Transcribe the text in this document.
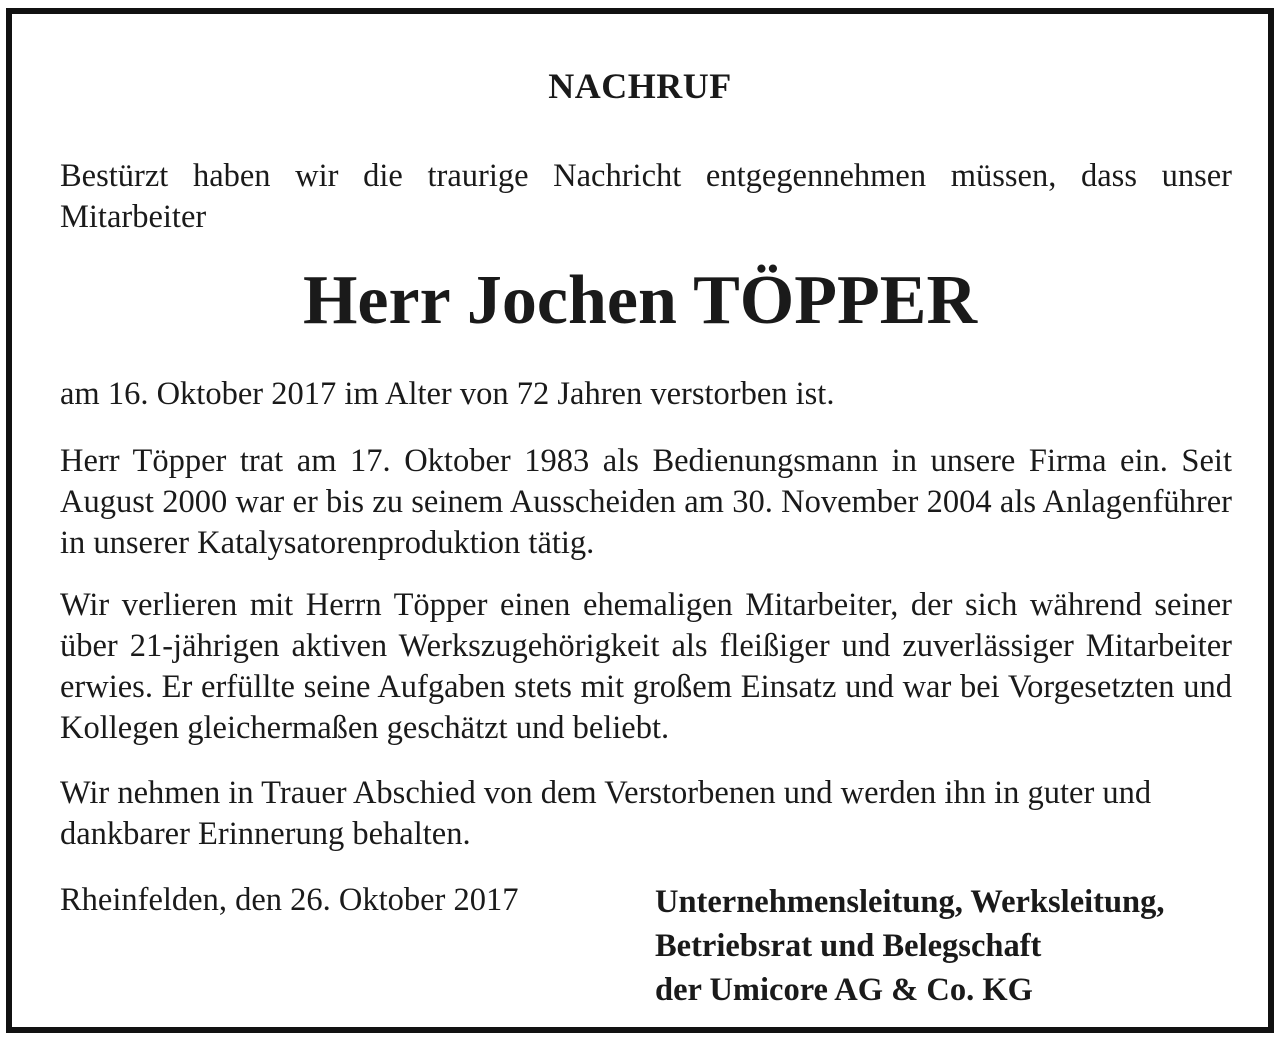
NACHRUF
Bestürzt haben wir die traurige Nachricht entgegennehmen müssen, dass unser Mitarbeiter
Herr Jochen TÖPPER
am 16. Oktober 2017 im Alter von 72 Jahren verstorben ist.
Herr Töpper trat am 17. Oktober 1983 als Bedienungsmann in unsere Firma ein. Seit August 2000 war er bis zu seinem Ausscheiden am 30. November 2004 als Anlagenführer in unserer Katalysatorenproduktion tätig.
Wir verlieren mit Herrn Töpper einen ehemaligen Mitarbeiter, der sich während seiner über 21-jährigen aktiven Werkszugehörigkeit als fleißiger und zuverlässiger Mitarbeiter erwies. Er erfüllte seine Aufgaben stets mit großem Einsatz und war bei Vorgesetzten und Kollegen gleichermaßen geschätzt und beliebt.
Wir nehmen in Trauer Abschied von dem Verstorbenen und werden ihn in guter und dankbarer Erinnerung behalten.
Rheinfelden, den 26. Oktober 2017	Unternehmensleitung, Werksleitung,
Betriebsrat und Belegschaft
der Umicore AG & Co. KG
